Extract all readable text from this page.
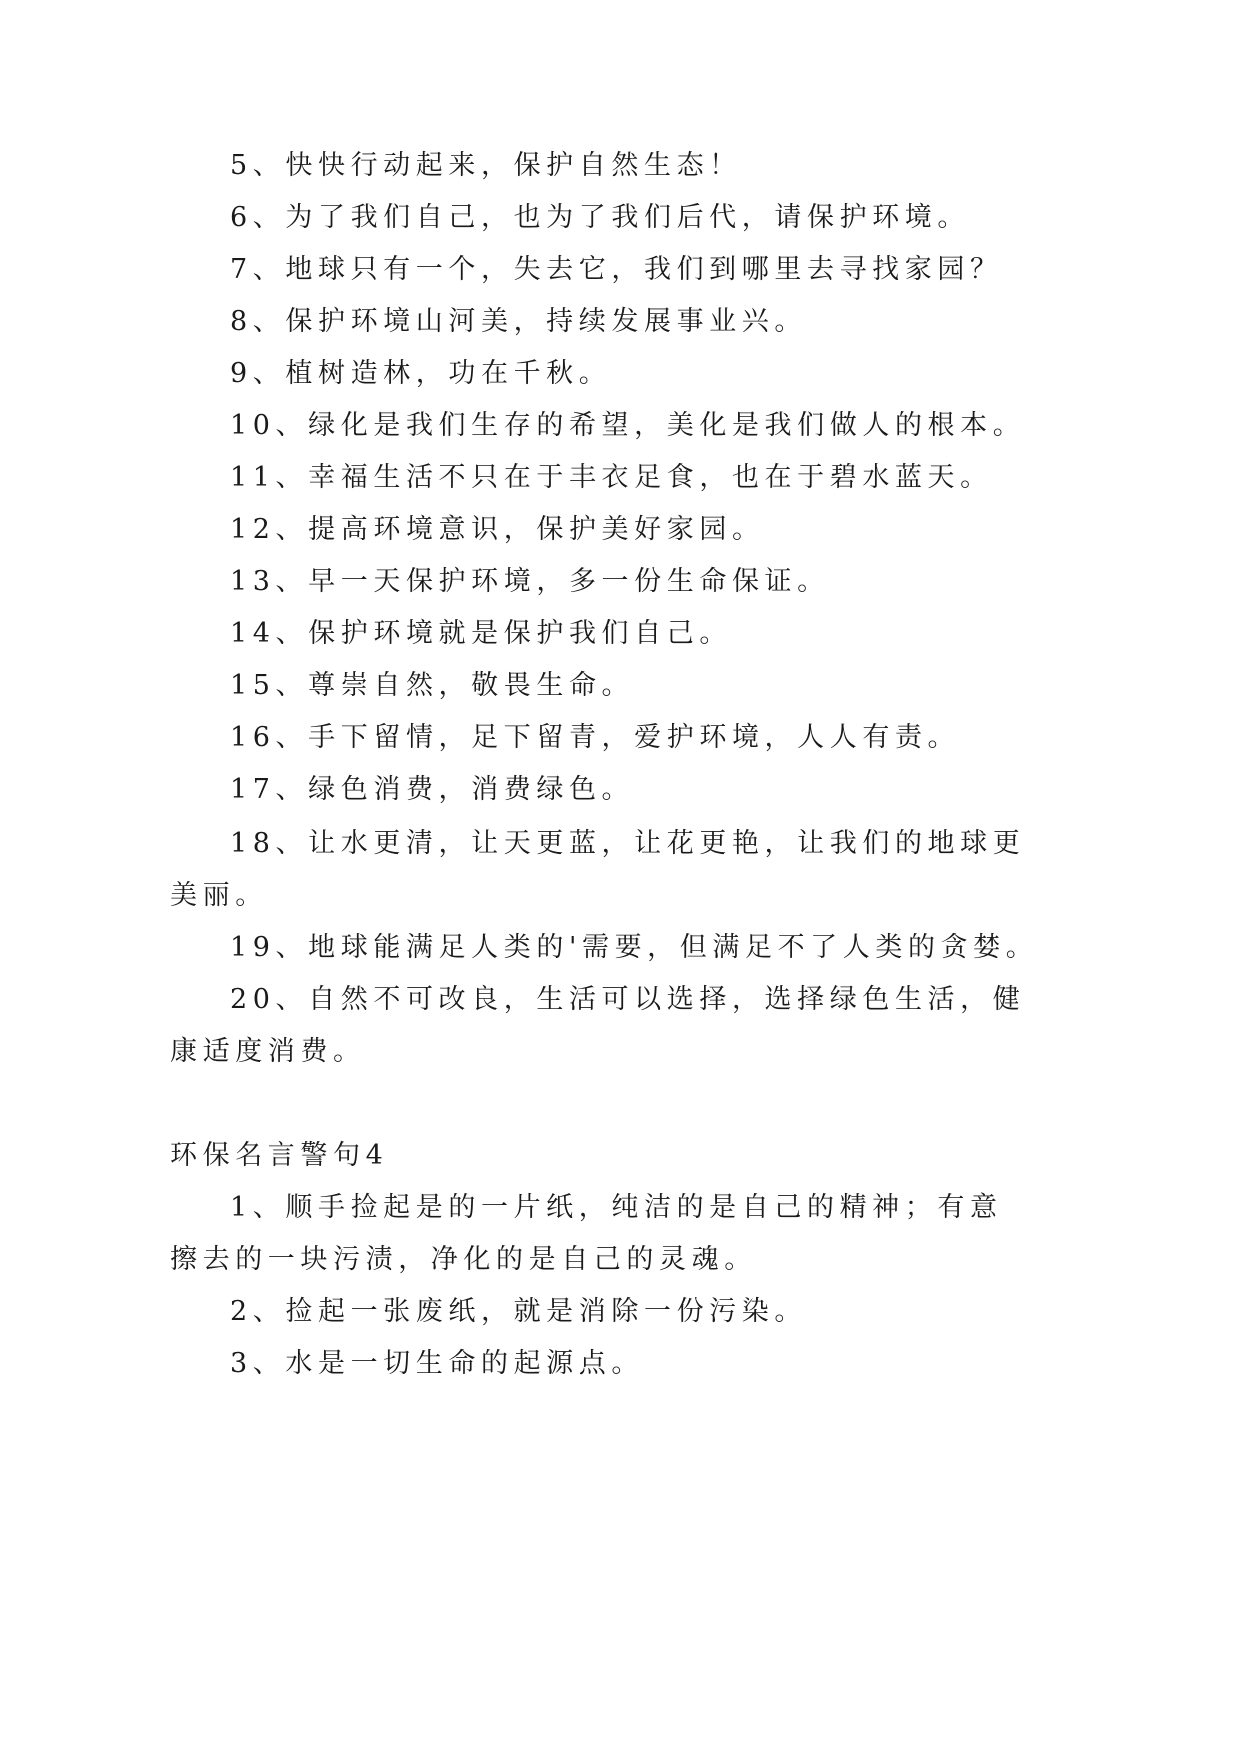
5、快快行动起来，保护自然生态！
6、为了我们自己，也为了我们后代，请保护环境。
7、地球只有一个，失去它，我们到哪里去寻找家园？
8、保护环境山河美，持续发展事业兴。
9、植树造林，功在千秋。
10、绿化是我们生存的希望，美化是我们做人的根本。
11、幸福生活不只在于丰衣足食，也在于碧水蓝天。
12、提高环境意识，保护美好家园。
13、早一天保护环境，多一份生命保证。
14、保护环境就是保护我们自己。
15、尊崇自然，敬畏生命。
16、手下留情，足下留青，爱护环境，人人有责。
17、绿色消费，消费绿色。
18、让水更清，让天更蓝，让花更艳，让我们的地球更
美丽。
19、地球能满足人类的'需要，但满足不了人类的贪婪。
20、自然不可改良，生活可以选择，选择绿色生活，健
康适度消费。
环保名言警句4
1、顺手捡起是的一片纸，纯洁的是自己的精神；有意
擦去的一块污渍，净化的是自己的灵魂。
2、捡起一张废纸，就是消除一份污染。
3、水是一切生命的起源点。
